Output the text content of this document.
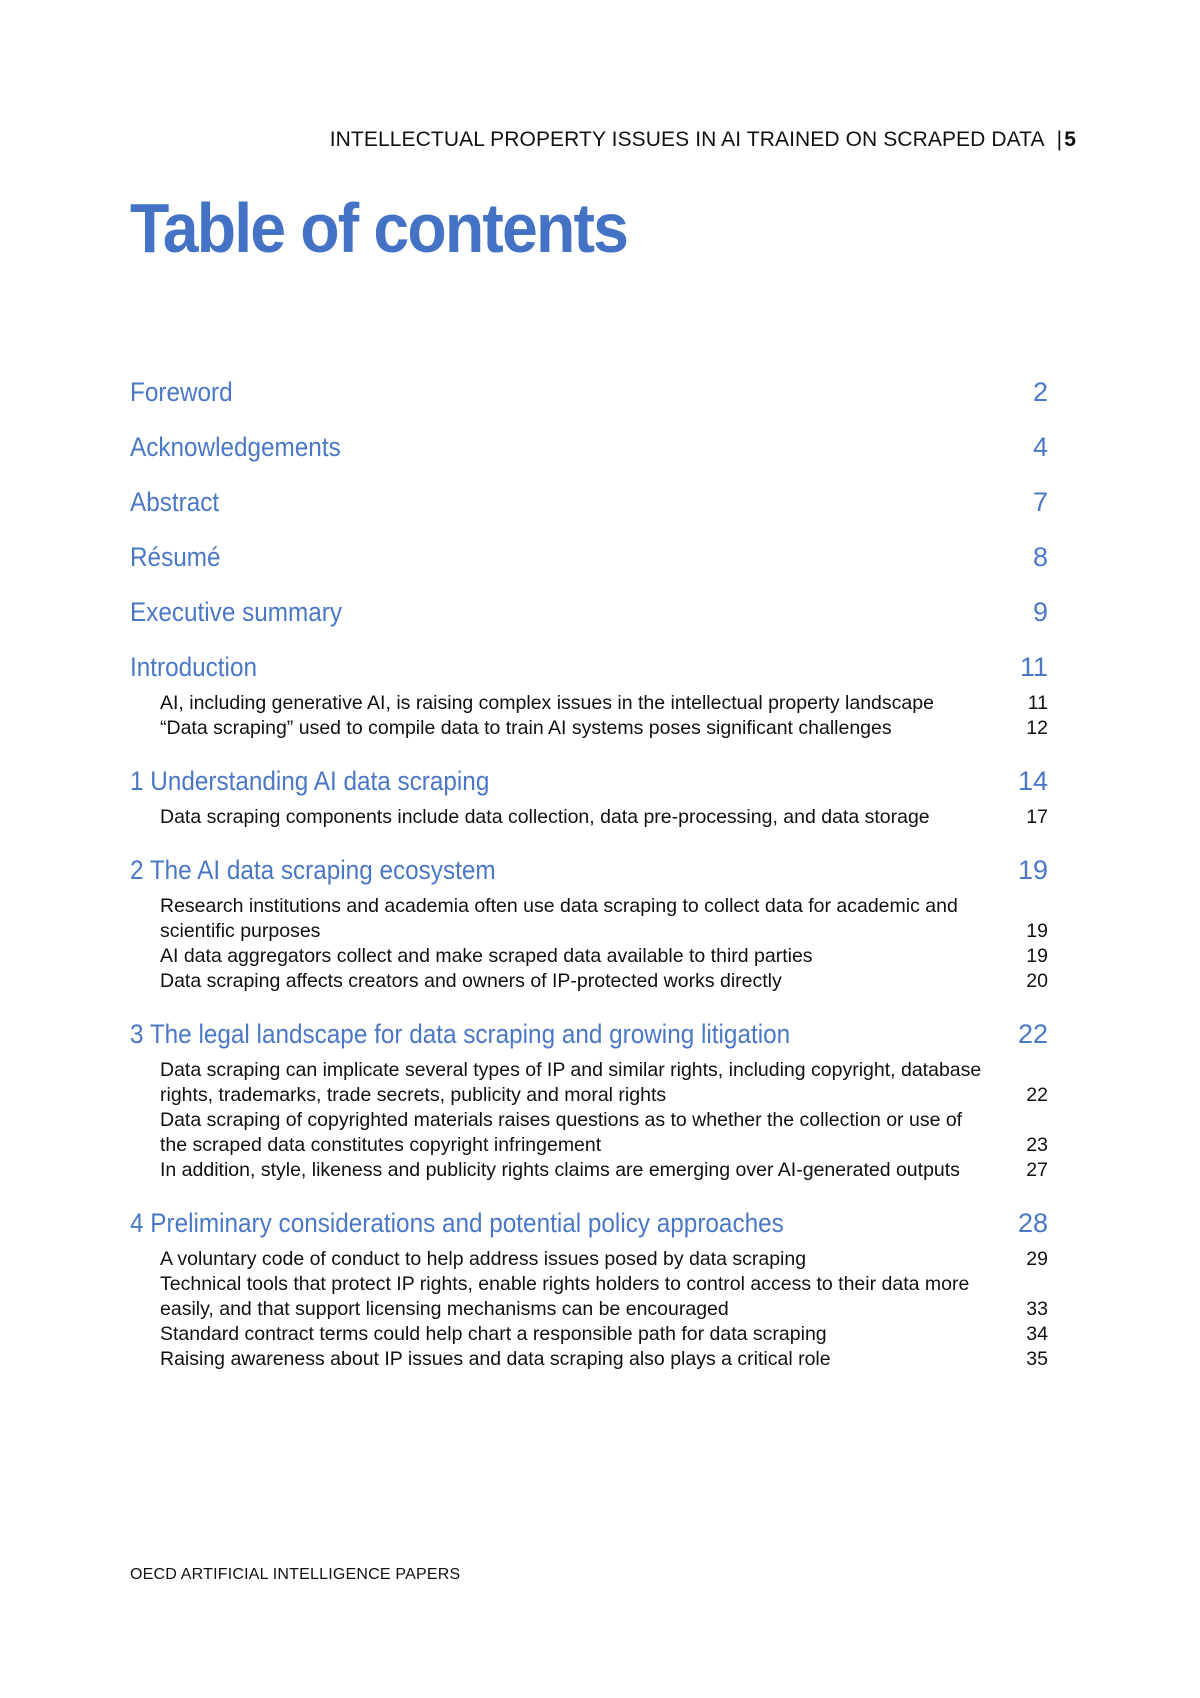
INTELLECTUAL PROPERTY ISSUES IN AI TRAINED ON SCRAPED DATA |5
Table of contents
Foreword	2
Acknowledgements	4
Abstract	7
Résumé	8
Executive summary	9
Introduction	11
AI, including generative AI, is raising complex issues in the intellectual property landscape	11
“Data scraping” used to compile data to train AI systems poses significant challenges	12
1 Understanding AI data scraping	14
Data scraping components include data collection, data pre-processing, and data storage	17
2 The AI data scraping ecosystem	19
Research institutions and academia often use data scraping to collect data for academic and scientific purposes	19
AI data aggregators collect and make scraped data available to third parties	19
Data scraping affects creators and owners of IP-protected works directly	20
3 The legal landscape for data scraping and growing litigation	22
Data scraping can implicate several types of IP and similar rights, including copyright, database rights, trademarks, trade secrets, publicity and moral rights	22
Data scraping of copyrighted materials raises questions as to whether the collection or use of the scraped data constitutes copyright infringement	23
In addition, style, likeness and publicity rights claims are emerging over AI-generated outputs	27
4 Preliminary considerations and potential policy approaches	28
A voluntary code of conduct to help address issues posed by data scraping	29
Technical tools that protect IP rights, enable rights holders to control access to their data more easily, and that support licensing mechanisms can be encouraged	33
Standard contract terms could help chart a responsible path for data scraping	34
Raising awareness about IP issues and data scraping also plays a critical role	35
OECD ARTIFICIAL INTELLIGENCE PAPERS
